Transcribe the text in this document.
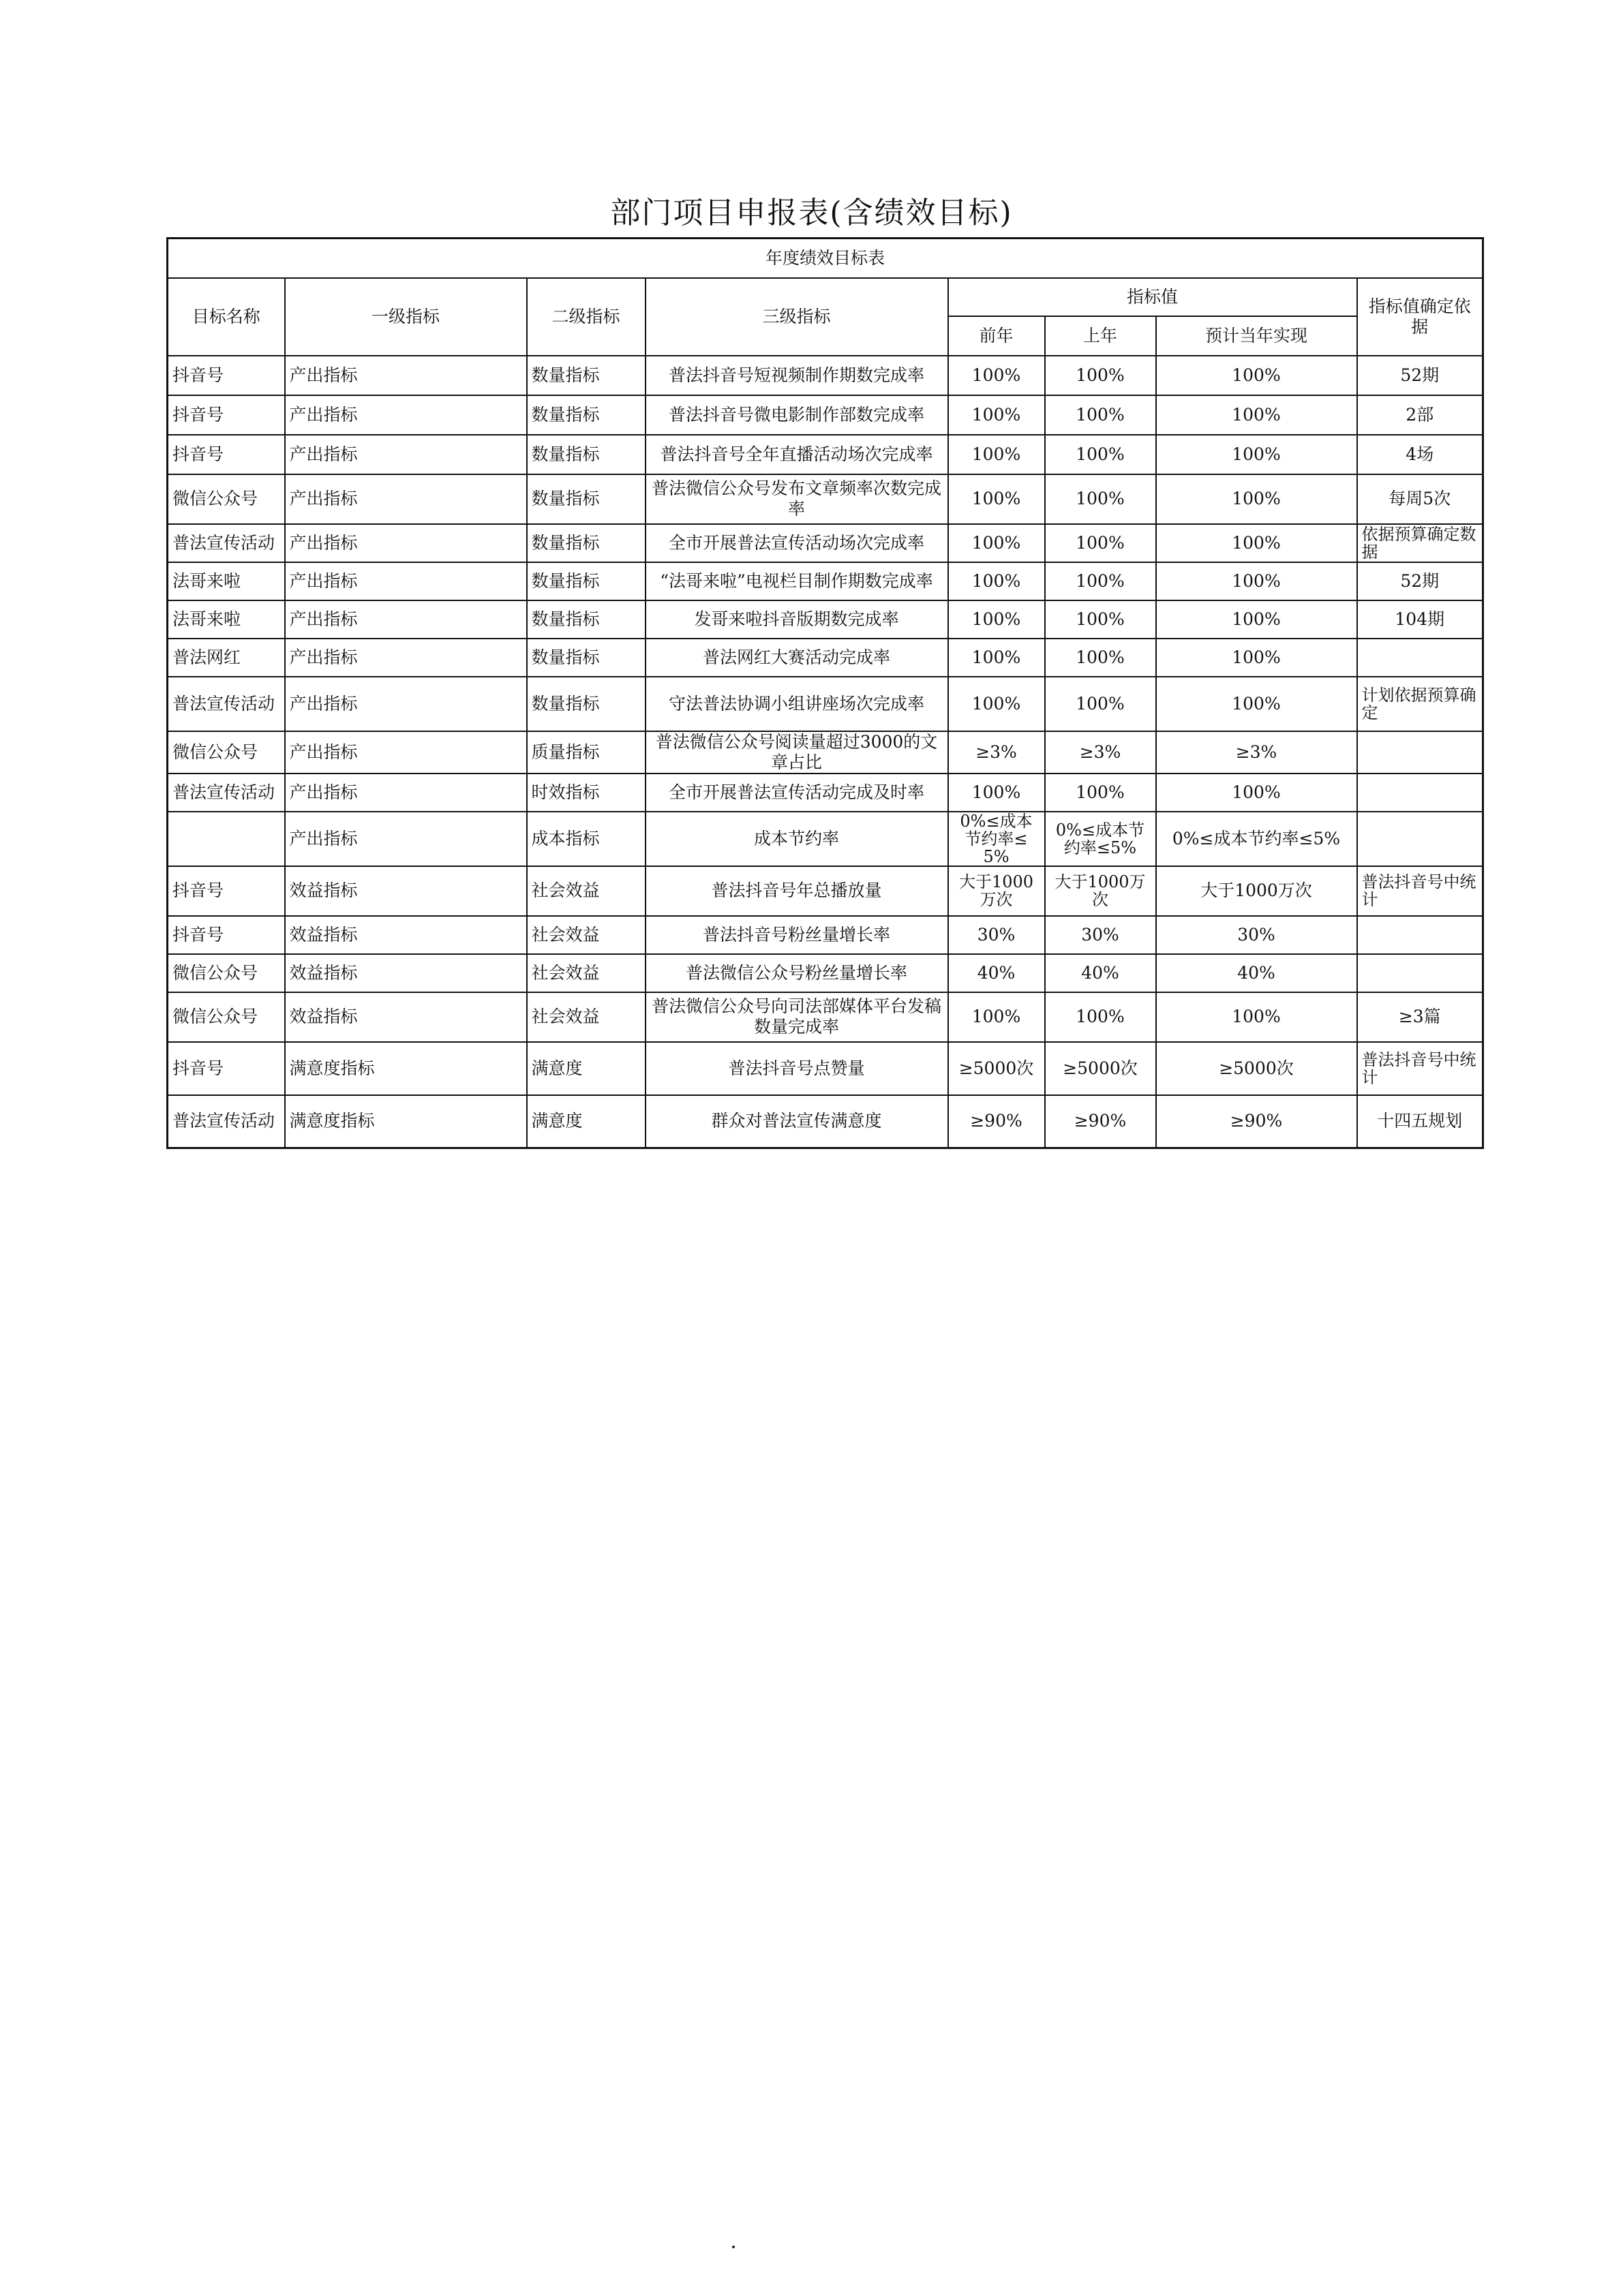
部门项目申报表(含绩效目标)
年度绩效目标表							
目标名称	一级指标	二级指标	三级指标	指标值			指标值确定依据
				前年	上年	预计当年实现	
抖音号	产出指标	数量指标	普法抖音号短视频制作期数完成率	100%	100%	100%	52期
抖音号	产出指标	数量指标	普法抖音号微电影制作部数完成率	100%	100%	100%	2部
抖音号	产出指标	数量指标	普法抖音号全年直播活动场次完成率	100%	100%	100%	4场
微信公众号	产出指标	数量指标	普法微信公众号发布文章频率次数完成率	100%	100%	100%	每周5次
普法宣传活动	产出指标	数量指标	全市开展普法宣传活动场次完成率	100%	100%	100%	依据预算确定数据
法哥来啦	产出指标	数量指标	“法哥来啦”电视栏目制作期数完成率	100%	100%	100%	52期
法哥来啦	产出指标	数量指标	发哥来啦抖音版期数完成率	100%	100%	100%	104期
普法网红	产出指标	数量指标	普法网红大赛活动完成率	100%	100%	100%	
普法宣传活动	产出指标	数量指标	守法普法协调小组讲座场次完成率	100%	100%	100%	计划依据预算确定
微信公众号	产出指标	质量指标	普法微信公众号阅读量超过3000的文章占比	≥3%	≥3%	≥3%	
普法宣传活动	产出指标	时效指标	全市开展普法宣传活动完成及时率	100%	100%	100%	
	产出指标	成本指标	成本节约率	0%≤成本节约率≤5%	0%≤成本节约率≤5%	0%≤成本节约率≤5%	
抖音号	效益指标	社会效益	普法抖音号年总播放量	大于1000万次	大于1000万次	大于1000万次	普法抖音号中统计
抖音号	效益指标	社会效益	普法抖音号粉丝量增长率	30%	30%	30%	
微信公众号	效益指标	社会效益	普法微信公众号粉丝量增长率	40%	40%	40%	
微信公众号	效益指标	社会效益	普法微信公众号向司法部媒体平台发稿数量完成率	100%	100%	100%	≥3篇
抖音号	满意度指标	满意度	普法抖音号点赞量	≥5000次	≥5000次	≥5000次	普法抖音号中统计
普法宣传活动	满意度指标	满意度	群众对普法宣传满意度	≥90%	≥90%	≥90%	十四五规划
